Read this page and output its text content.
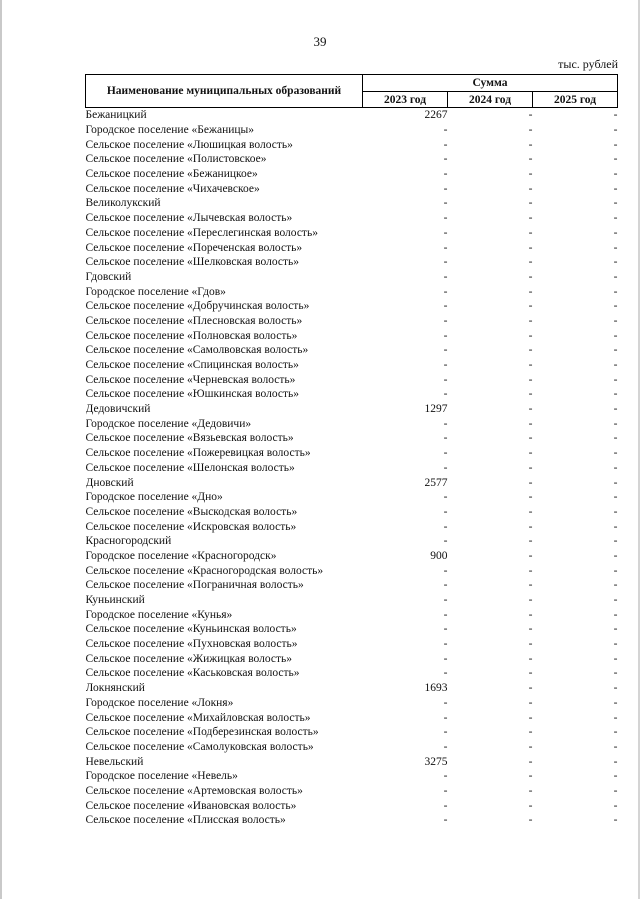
39
тыс. рублей
Наименование муниципальных образований	Сумма		
	2023 год	2024 год	2025 год
Бежаницкий	2267	-	-
Городское поселение «Бежаницы»	-	-	-
Сельское поселение «Люшицкая волость»	-	-	-
Сельское поселение «Полистовское»	-	-	-
Сельское поселение «Бежаницкое»	-	-	-
Сельское поселение «Чихачевское»	-	-	-
Великолукский	-	-	-
Сельское поселение «Лычевская волость»	-	-	-
Сельское поселение «Переслегинская волость»	-	-	-
Сельское поселение «Пореченская волость»	-	-	-
Сельское поселение «Шелковская волость»	-	-	-
Гдовский	-	-	-
Городское поселение «Гдов»	-	-	-
Сельское поселение «Добручинская волость»	-	-	-
Сельское поселение «Плесновская волость»	-	-	-
Сельское поселение «Полновская волость»	-	-	-
Сельское поселение «Самолвовская волость»	-	-	-
Сельское поселение «Спицинская волость»	-	-	-
Сельское поселение «Черневская волость»	-	-	-
Сельское поселение «Юшкинская волость»	-	-	-
Дедовичский	1297	-	-
Городское поселение «Дедовичи»	-	-	-
Сельское поселение «Вязьевская волость»	-	-	-
Сельское поселение «Пожеревицкая волость»	-	-	-
Сельское поселение «Шелонская волость»	-	-	-
Дновский	2577	-	-
Городское поселение «Дно»	-	-	-
Сельское поселение «Выскодская волость»	-	-	-
Сельское поселение «Искровская волость»	-	-	-
Красногородский	-	-	-
Городское поселение «Красногородск»	900	-	-
Сельское поселение «Красногородская волость»	-	-	-
Сельское поселение «Пограничная волость»	-	-	-
Куньинский	-	-	-
Городское поселение «Кунья»	-	-	-
Сельское поселение «Куньинская волость»	-	-	-
Сельское поселение «Пухновская волость»	-	-	-
Сельское поселение «Жижицкая волость»	-	-	-
Сельское поселение «Каськовская волость»	-	-	-
Локнянский	1693	-	-
Городское поселение «Локня»	-	-	-
Сельское поселение «Михайловская волость»	-	-	-
Сельское поселение «Подберезинская волость»	-	-	-
Сельское поселение «Самолуковская волость»	-	-	-
Невельский	3275	-	-
Городское поселение «Невель»	-	-	-
Сельское поселение «Артемовская волость»	-	-	-
Сельское поселение «Ивановская волость»	-	-	-
Сельское поселение «Плисская волость»	-	-	-
